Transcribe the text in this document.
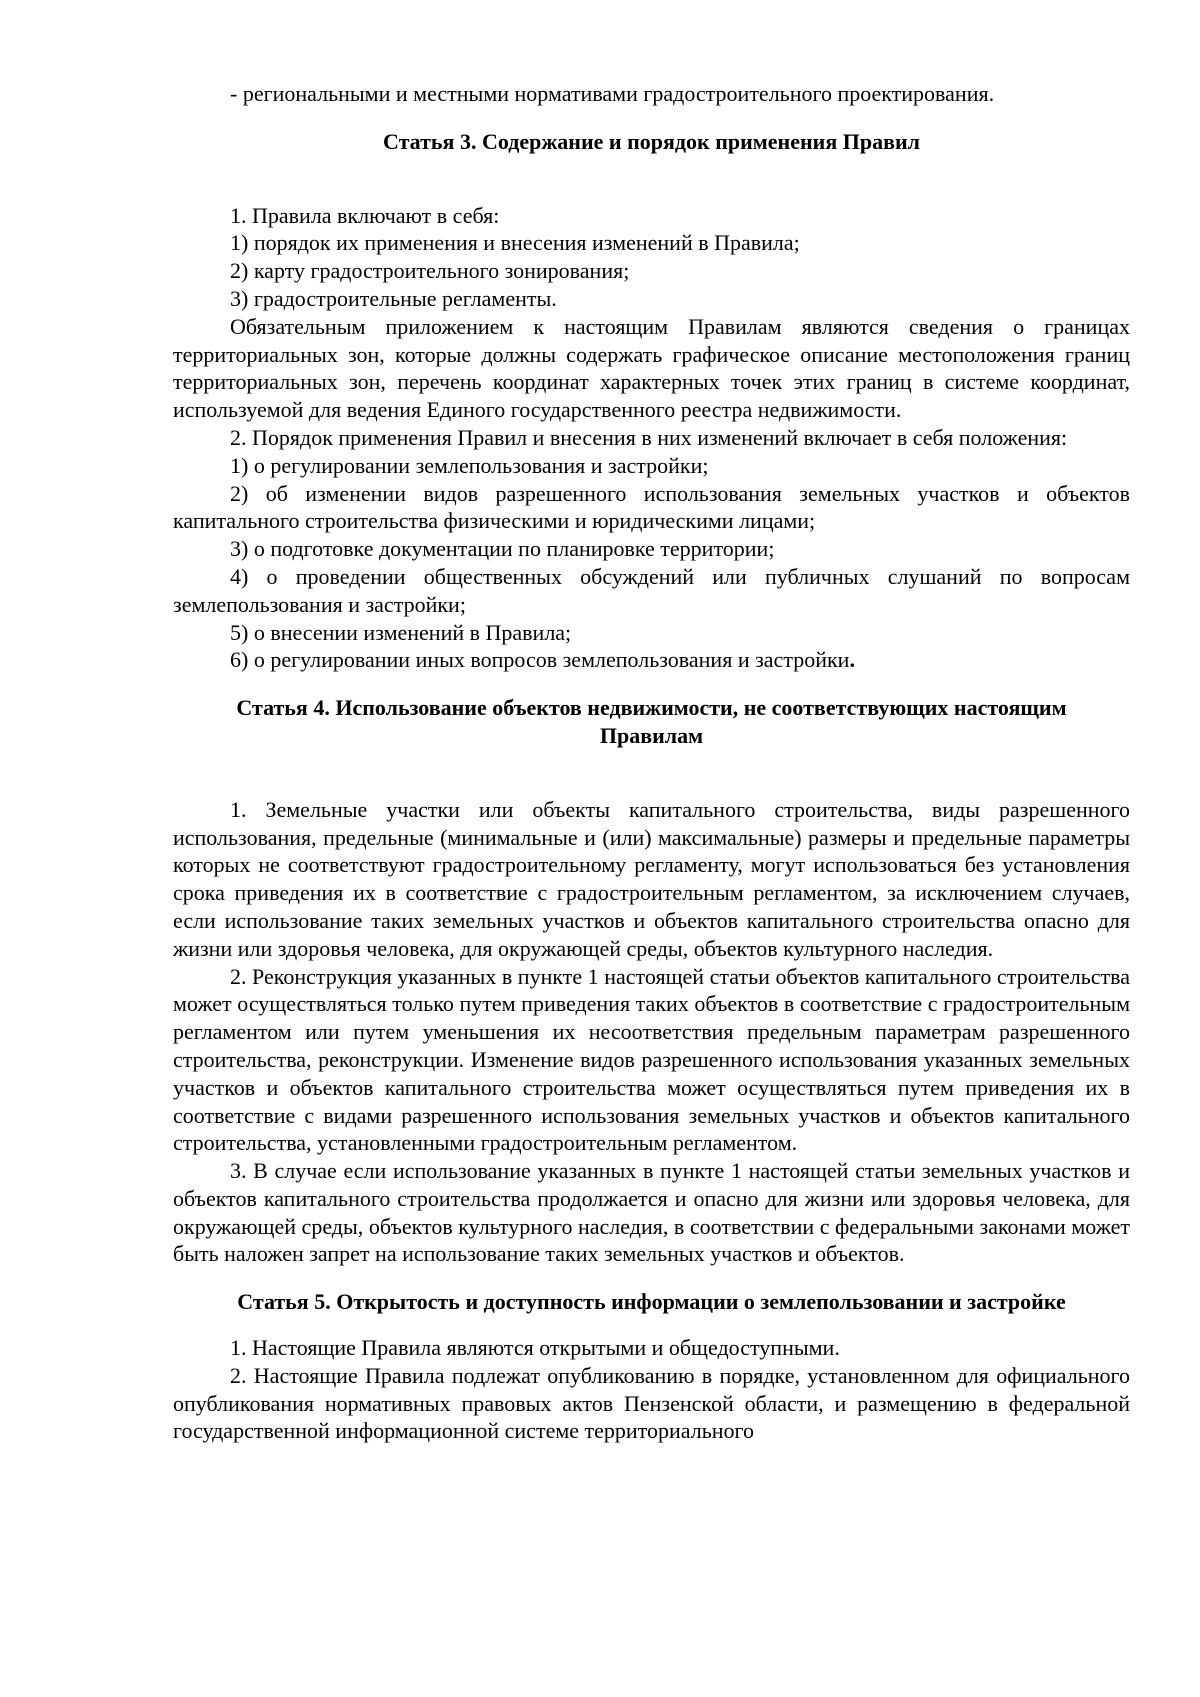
- региональными и местными нормативами градостроительного проектирования.

Статья 3. Содержание и порядок применения Правил

1. Правила включают в себя:

1) порядок их применения и внесения изменений в Правила;

2) карту градостроительного зонирования;

3) градостроительные регламенты.

Обязательным приложением к настоящим Правилам являются сведения о границах территориальных зон, которые должны содержать графическое описание местоположения границ территориальных зон, перечень координат характерных точек этих границ в системе координат, используемой для ведения Единого государственного реестра недвижимости.

2. Порядок применения Правил и внесения в них изменений включает в себя положения:

1) о регулировании землепользования и застройки;

2) об изменении видов разрешенного использования земельных участков и объектов капитального строительства физическими и юридическими лицами;

3) о подготовке документации по планировке территории;

4) о проведении общественных обсуждений или публичных слушаний по вопросам землепользования и застройки;

5) о внесении изменений в Правила;

6) о регулировании иных вопросов землепользования и застройки.

Статья 4. Использование объектов недвижимости, не соответствующих настоящим Правилам

1. Земельные участки или объекты капитального строительства, виды разрешенного использования, предельные (минимальные и (или) максимальные) размеры и предельные параметры которых не соответствуют градостроительному регламенту, могут использоваться без установления срока приведения их в соответствие с градостроительным регламентом, за исключением случаев, если использование таких земельных участков и объектов капитального строительства опасно для жизни или здоровья человека, для окружающей среды, объектов культурного наследия.

2. Реконструкция указанных в пункте 1 настоящей статьи объектов капитального строительства может осуществляться только путем приведения таких объектов в соответствие с градостроительным регламентом или путем уменьшения их несоответствия предельным параметрам разрешенного строительства, реконструкции. Изменение видов разрешенного использования указанных земельных участков и объектов капитального строительства может осуществляться путем приведения их в соответствие с видами разрешенного использования земельных участков и объектов капитального строительства, установленными градостроительным регламентом.

3. В случае если использование указанных в пункте 1 настоящей статьи земельных участков и объектов капитального строительства продолжается и опасно для жизни или здоровья человека, для окружающей среды, объектов культурного наследия, в соответствии с федеральными законами может быть наложен запрет на использование таких земельных участков и объектов.

Статья 5. Открытость и доступность информации о землепользовании и застройке

1. Настоящие Правила являются открытыми и общедоступными.

2. Настоящие Правила подлежат опубликованию в порядке, установленном для официального опубликования нормативных правовых актов Пензенской области, и размещению в федеральной государственной информационной системе территориального
